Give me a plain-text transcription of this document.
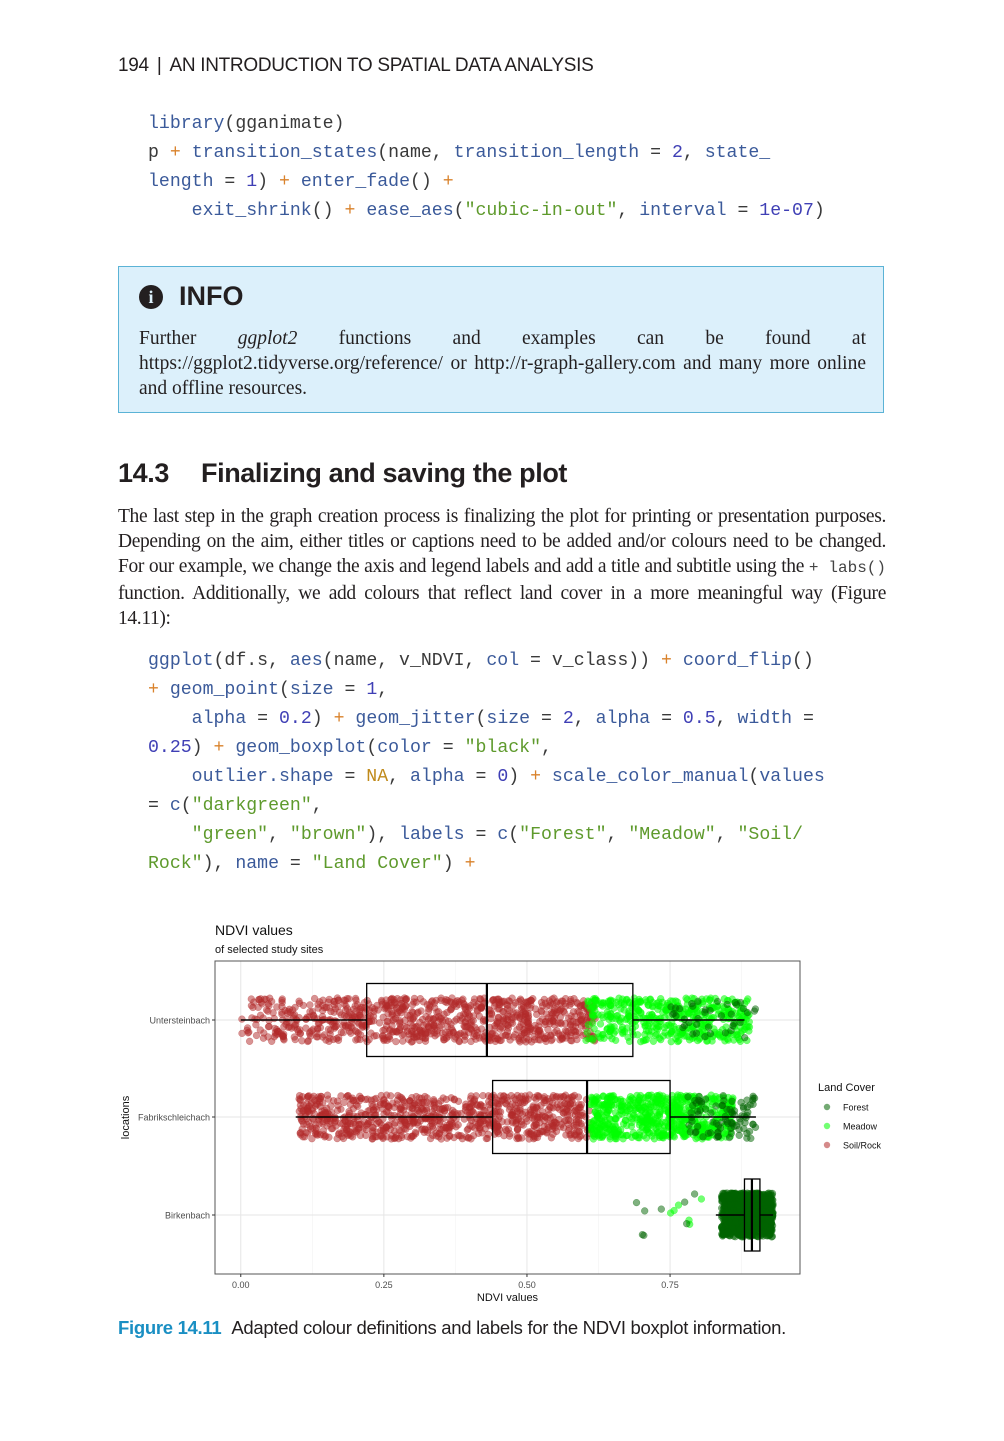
194 | AN INTRODUCTION TO SPATIAL DATA ANALYSIS
library(gganimate)
p + transition_states(name, transition_length = 2, state_
length = 1) + enter_fade() +
exit_shrink() + ease_aes("cubic-in-out", interval = 1e-07)
i INFO
Further ggplot2 functions and examples can be found at https://ggplot2.tidyverse.org/reference/ or http://r-graph-gallery.com and many more online and offline resources.
14.3 Finalizing and saving the plot
The last step in the graph creation process is finalizing the plot for printing or presentation purposes. Depending on the aim, either titles or captions need to be added and/or colours need to be changed. For our example, we change the axis and legend labels and add a title and subtitle using the + labs() function. Additionally, we add colours that reflect land cover in a more meaningful way (Figure 14.11):
ggplot(df.s, aes(name, v_NDVI, col = v_class)) + coord_flip()
+ geom_point(size = 1,
alpha = 0.2) + geom_jitter(size = 2, alpha = 0.5, width =
0.25) + geom_boxplot(color = "black",
outlier.shape = NA, alpha = 0) + scale_color_manual(values
= c("darkgreen",
"green", "brown"), labels = c("Forest", "Meadow", "Soil/
Rock"), name = "Land Cover") +
NDVI values
of selected study sites
Untersteinbach
Fabrikschleichach
Birkenbach
0.00	0.25	0.50	0.75
NDVI values
locations
Land Cover
Forest
Meadow
Soil/Rock
Figure 14.11 Adapted colour definitions and labels for the NDVI boxplot information.
